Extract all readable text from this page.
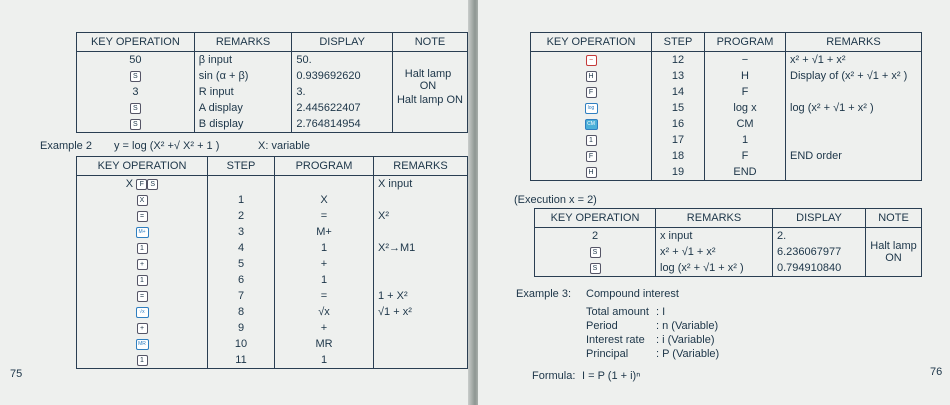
KEY OPERATION	REMARKS	DISPLAY	NOTE
50	β input	50.	
S	sin (α + β)	0.939692620	
3	R input	3.	Halt lamp ON
S	A display	2.445622407	
S	B display	2.764814954	
Halt lamp ON
Example 2 y = log (X² +√ X² + 1 )	X: variable
KEY OPERATION	STEP	PROGRAM	REMARKS
X F S			X input
X	1	X	
=	2	=	X²
M+	3	M+	
1	4	1	X²→M1
+	5	+	
1	6	1	
=	7	=	1 + X²
√x	8	√x	√1 + x²
+	9	+	
MR	10	MR	
1	11	1	
75
KEY OPERATION	STEP	PROGRAM	REMARKS
−	12	−	x² + √1 + x²
H	13	H	Display of (x² + √1 + x² )
F	14	F	
log	15	log x	log (x² + √1 + x² )
CM	16	CM	
1	17	1	
F	18	F	END order
H	19	END	
(Execution x = 2)
KEY OPERATION	REMARKS	DISPLAY	NOTE
2	x input	2.	Halt lamp ON

S	x² + √1 + x²	6.236067977	
S	log (x² + √1 + x² )	0.794910840	
Example 3: Compound interest
Total amount : I
Period	: n (Variable)
Interest rate : i (Variable)
Principal	: P (Variable)
Formula: I = P (1 + i)ⁿ	76
